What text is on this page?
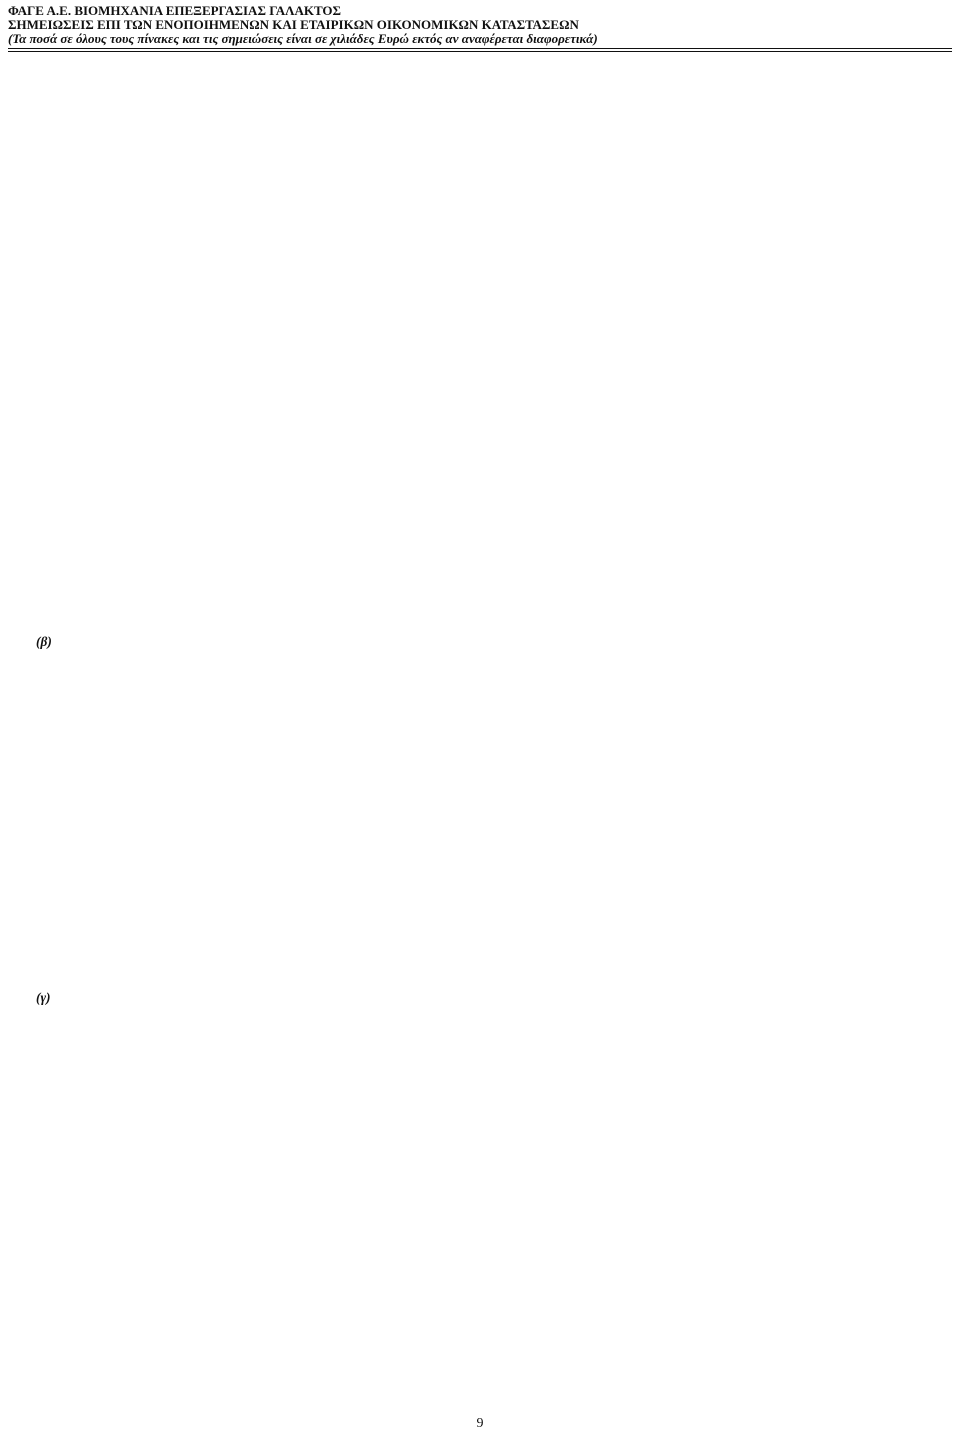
ΦΑΓΕ Α.Ε. ΒΙΟΜΗΧΑΝΙΑ ΕΠΕΞΕΡΓΑΣΙΑΣ ΓΑΛΑΚΤΟΣ
ΣΗΜΕΙΩΣΕΙΣ ΕΠΙ ΤΩΝ ΕΝΟΠΟΙΗΜΕΝΩΝ ΚΑΙ ΕΤΑΙΡΙΚΩΝ ΟΙΚΟΝΟΜΙΚΩΝ ΚΑΤΑΣΤΑΣΕΩΝ
(Τα ποσά σε όλους τους πίνακες και τις σημειώσεις είναι σε χιλιάδες Ευρώ εκτός αν αναφέρεται διαφορετικά)

(β)

(γ)

9
